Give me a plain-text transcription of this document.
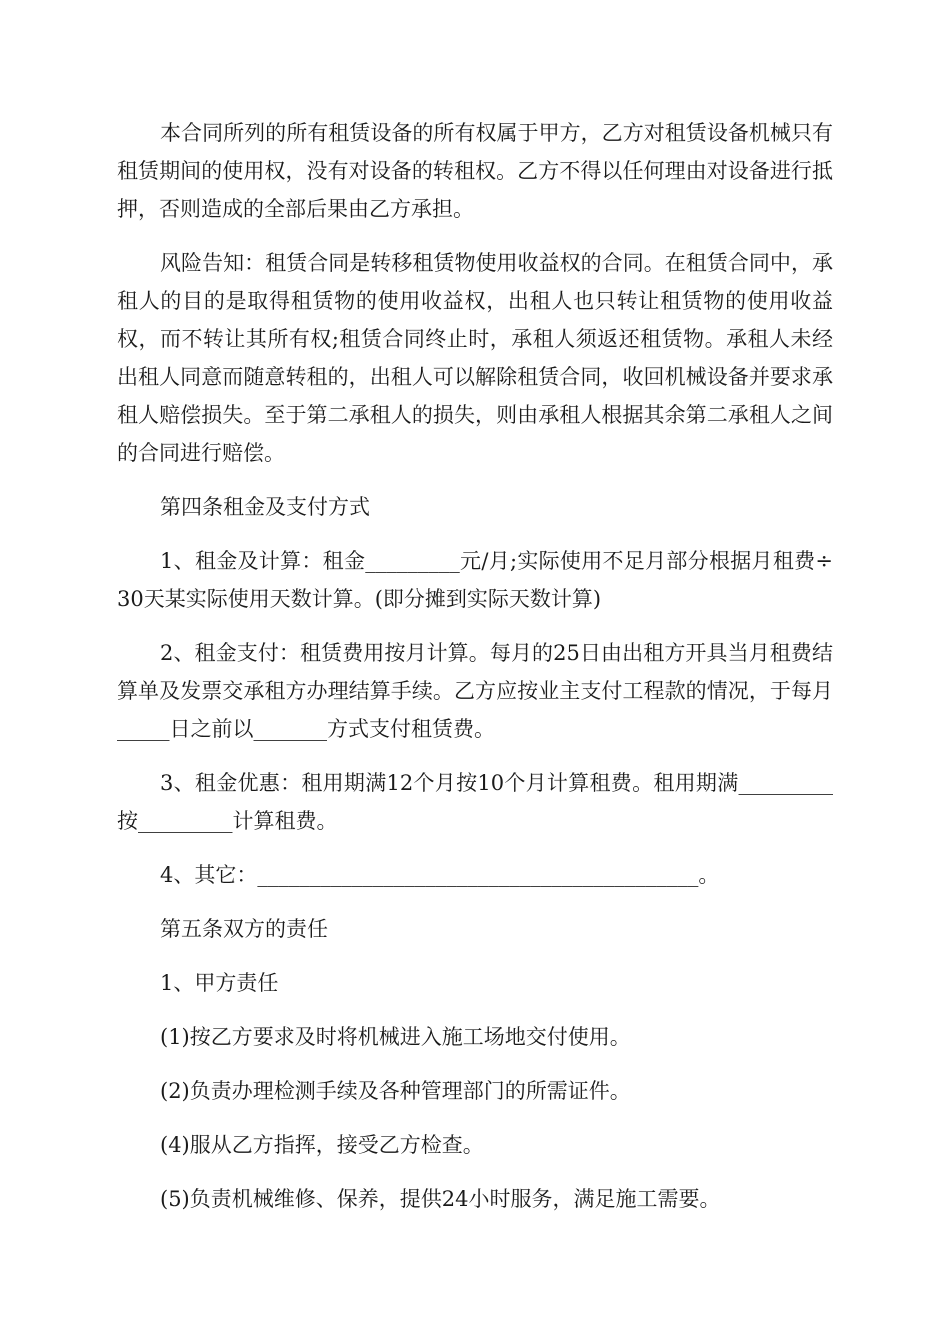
本合同所列的所有租赁设备的所有权属于甲方，乙方对租赁设备机械只有租赁期间的使用权，没有对设备的转租权。乙方不得以任何理由对设备进行抵押，否则造成的全部后果由乙方承担。

风险告知：租赁合同是转移租赁物使用收益权的合同。在租赁合同中，承租人的目的是取得租赁物的使用收益权，出租人也只转让租赁物的使用收益权，而不转让其所有权;租赁合同终止时，承租人须返还租赁物。承租人未经出租人同意而随意转租的，出租人可以解除租赁合同，收回机械设备并要求承租人赔偿损失。至于第二承租人的损失，则由承租人根据其余第二承租人之间的合同进行赔偿。

第四条租金及支付方式

1、租金及计算：租金_________元/月;实际使用不足月部分根据月租费÷30天某实际使用天数计算。(即分摊到实际天数计算)

2、租金支付：租赁费用按月计算。每月的25日由出租方开具当月租费结算单及发票交承租方办理结算手续。乙方应按业主支付工程款的情况，于每月_____日之前以_______方式支付租赁费。

3、租金优惠：租用期满12个月按10个月计算租费。租用期满_________按_________计算租费。

4、其它：__________________________________________。

第五条双方的责任

1、甲方责任

(1)按乙方要求及时将机械进入施工场地交付使用。

(2)负责办理检测手续及各种管理部门的所需证件。

(4)服从乙方指挥，接受乙方检查。

(5)负责机械维修、保养，提供24小时服务，满足施工需要。
